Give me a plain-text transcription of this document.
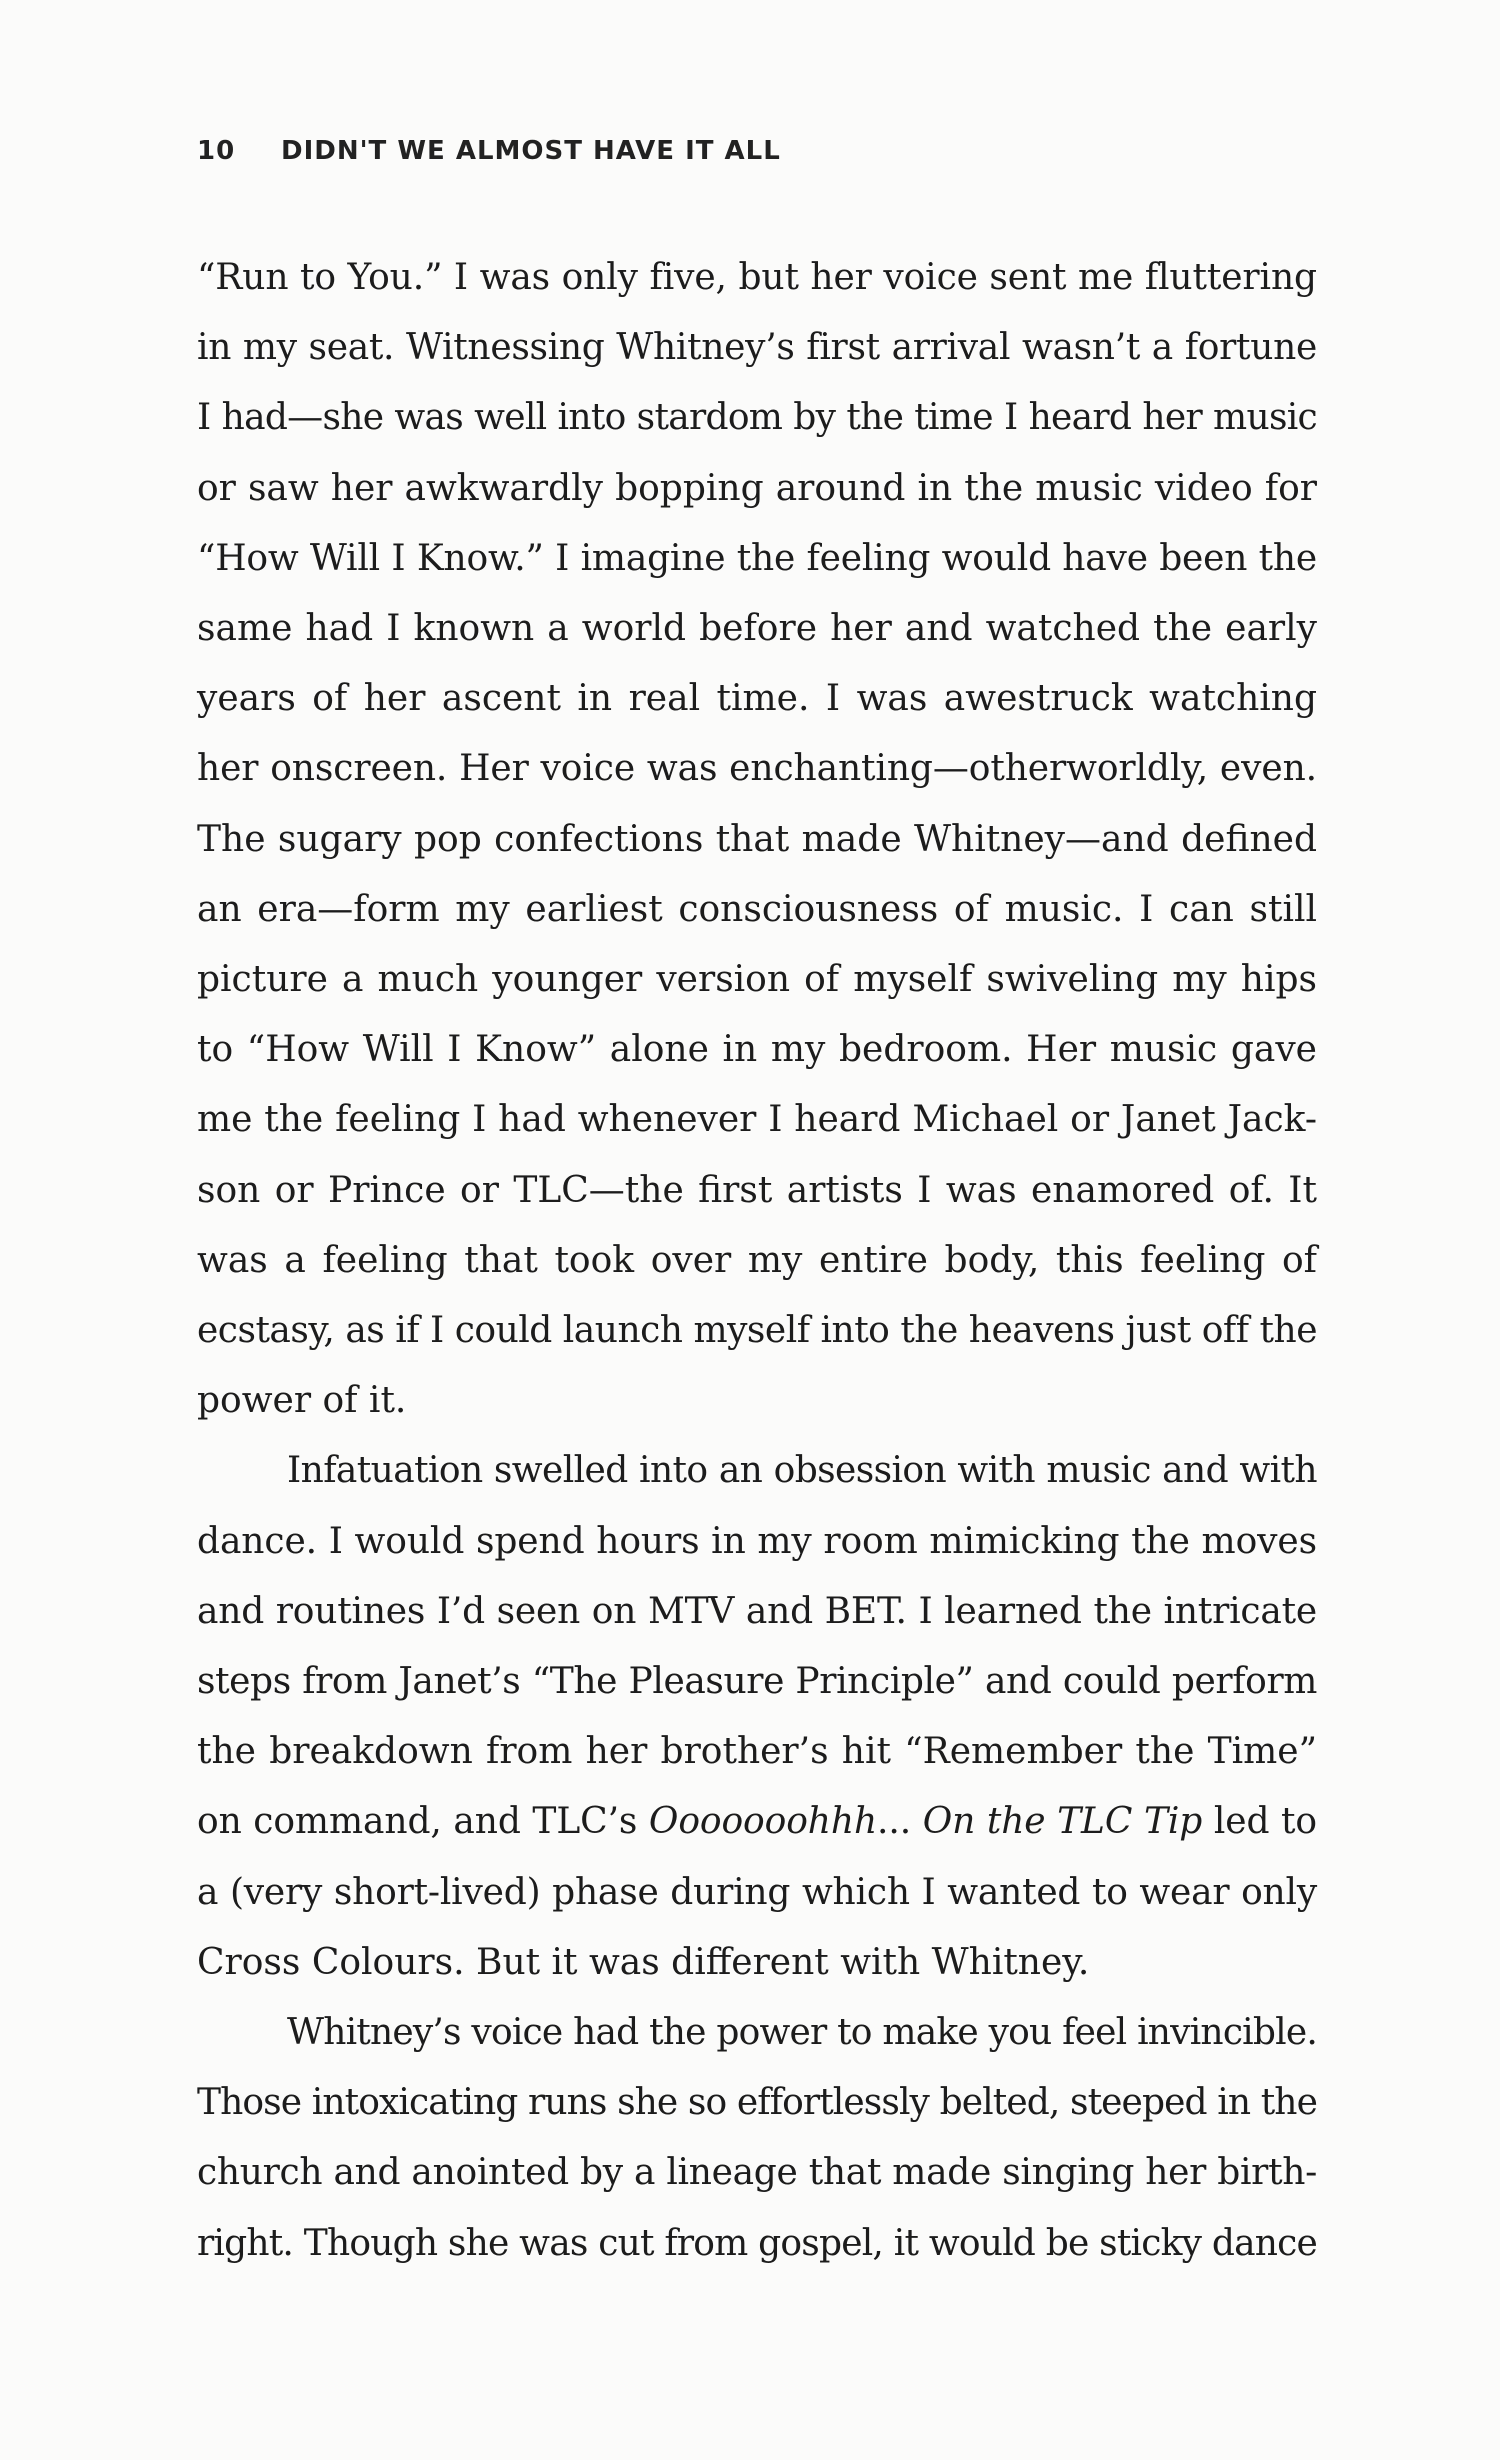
10 DIDN'T WE ALMOST HAVE IT ALL
“Run to You.” I was only five, but her voice sent me fluttering
in my seat. Witnessing Whitney’s first arrival wasn’t a fortune
I had—she was well into stardom by the time I heard her music
or saw her awkwardly bopping around in the music video for
“How Will I Know.” I imagine the feeling would have been the
same had I known a world before her and watched the early
years of her ascent in real time. I was awestruck watching
her onscreen. Her voice was enchanting—otherworldly, even.
The sugary pop confections that made Whitney—and defined
an era—form my earliest consciousness of music. I can still
picture a much younger version of myself swiveling my hips
to “How Will I Know” alone in my bedroom. Her music gave
me the feeling I had whenever I heard Michael or Janet Jack-
son or Prince or TLC—the first artists I was enamored of. It
was a feeling that took over my entire body, this feeling of
ecstasy, as if I could launch myself into the heavens just off the
power of it.
Infatuation swelled into an obsession with music and with
dance. I would spend hours in my room mimicking the moves
and routines I’d seen on MTV and BET. I learned the intricate
steps from Janet’s “The Pleasure Principle” and could perform
the breakdown from her brother’s hit “Remember the Time”
on command, and TLC’s Ooooooohhh... On the TLC Tip led to
a (very short-lived) phase during which I wanted to wear only
Cross Colours. But it was different with Whitney.
Whitney’s voice had the power to make you feel invincible.
Those intoxicating runs she so effortlessly belted, steeped in the
church and anointed by a lineage that made singing her birth-
right. Though she was cut from gospel, it would be sticky dance
